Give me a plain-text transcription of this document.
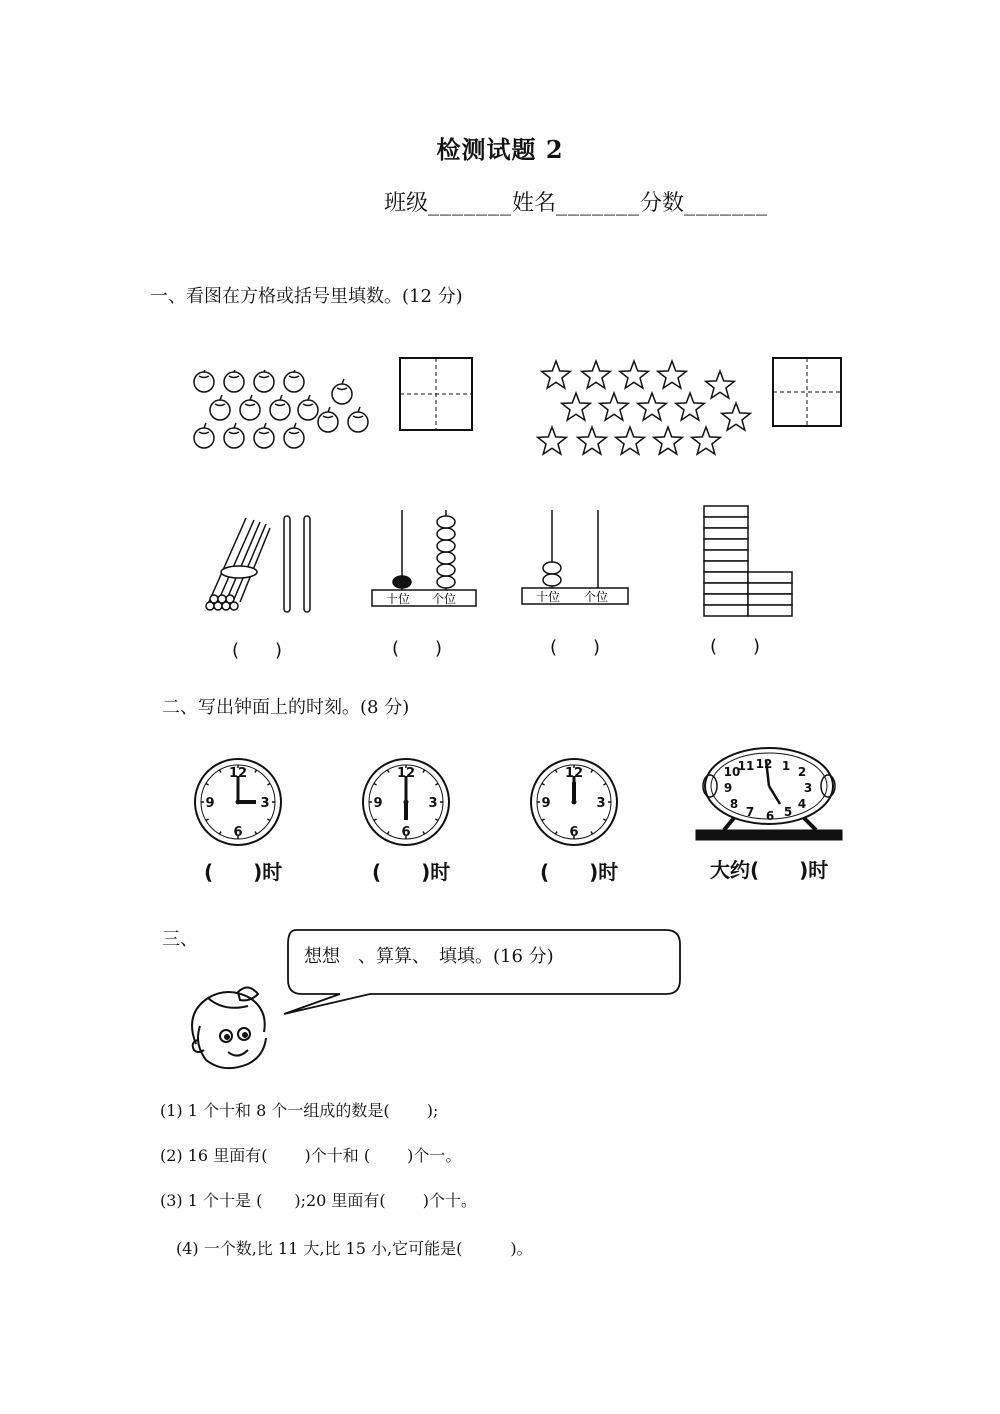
检测试题 2
班级_______姓名_______分数_______
一、看图在方格或括号里填数。(12 分)
十位 个位	十位 个位
(　　)	(　　)	(　　)	(　　)
二、写出钟面上的时刻。(8 分)
12
3
6
9
12
3
6
9
12
3
6
9
12 1 2
3
4
5
6
7
8
9
10
11
(　　)时	(　　)时	(　　)时	大约(　　)时
三、
想想　、算算、　填填。(16 分)
(1) 1 个十和 8 个一组成的数是(　　 );
(2) 16 里面有(　　 )个十和 (　　 )个一。
(3) 1 个十是 (　　);20 里面有(　　 )个十。
(4) 一个数,比 11 大,比 15 小,它可能是(　　　)。
